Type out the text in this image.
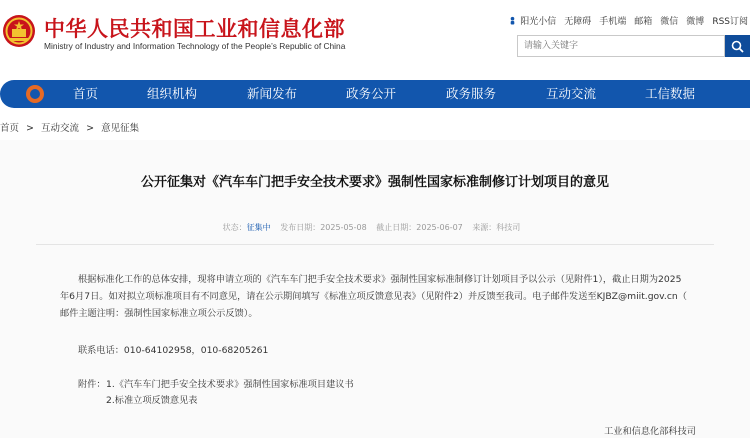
中华人民共和国工业和信息化部
Ministry of Industry and Information Technology of the People’s Republic of China
阳光小信 无障碍 手机端 邮箱 微信 微博 RSS订阅
请输入关键字
首页	组织机构	新闻发布	政务公开	政务服务	互动交流	工信数据
首页 > 互动交流 > 意见征集
公开征集对《汽车车门把手安全技术要求》强制性国家标准制修订计划项目的意见
状态：征集中 发布日期：2025-05-08 截止日期：2025-06-07 来源：科技司
根据标准化工作的总体安排，现将申请立项的《汽车车门把手安全技术要求》强制性国家标准制修订计划项目予以公示（见附件1），截止日期为2025
年6月7日。如对拟立项标准项目有不同意见，请在公示期间填写《标准立项反馈意见表》（见附件2）并反馈至我司。电子邮件发送至KJBZ@miit.gov.cn（
邮件主题注明：强制性国家标准立项公示反馈）。
联系电话：010-64102958，010-68205261
附件： 1.《汽车车门把手安全技术要求》强制性国家标准项目建议书
2.标准立项反馈意见表
工业和信息化部科技司
